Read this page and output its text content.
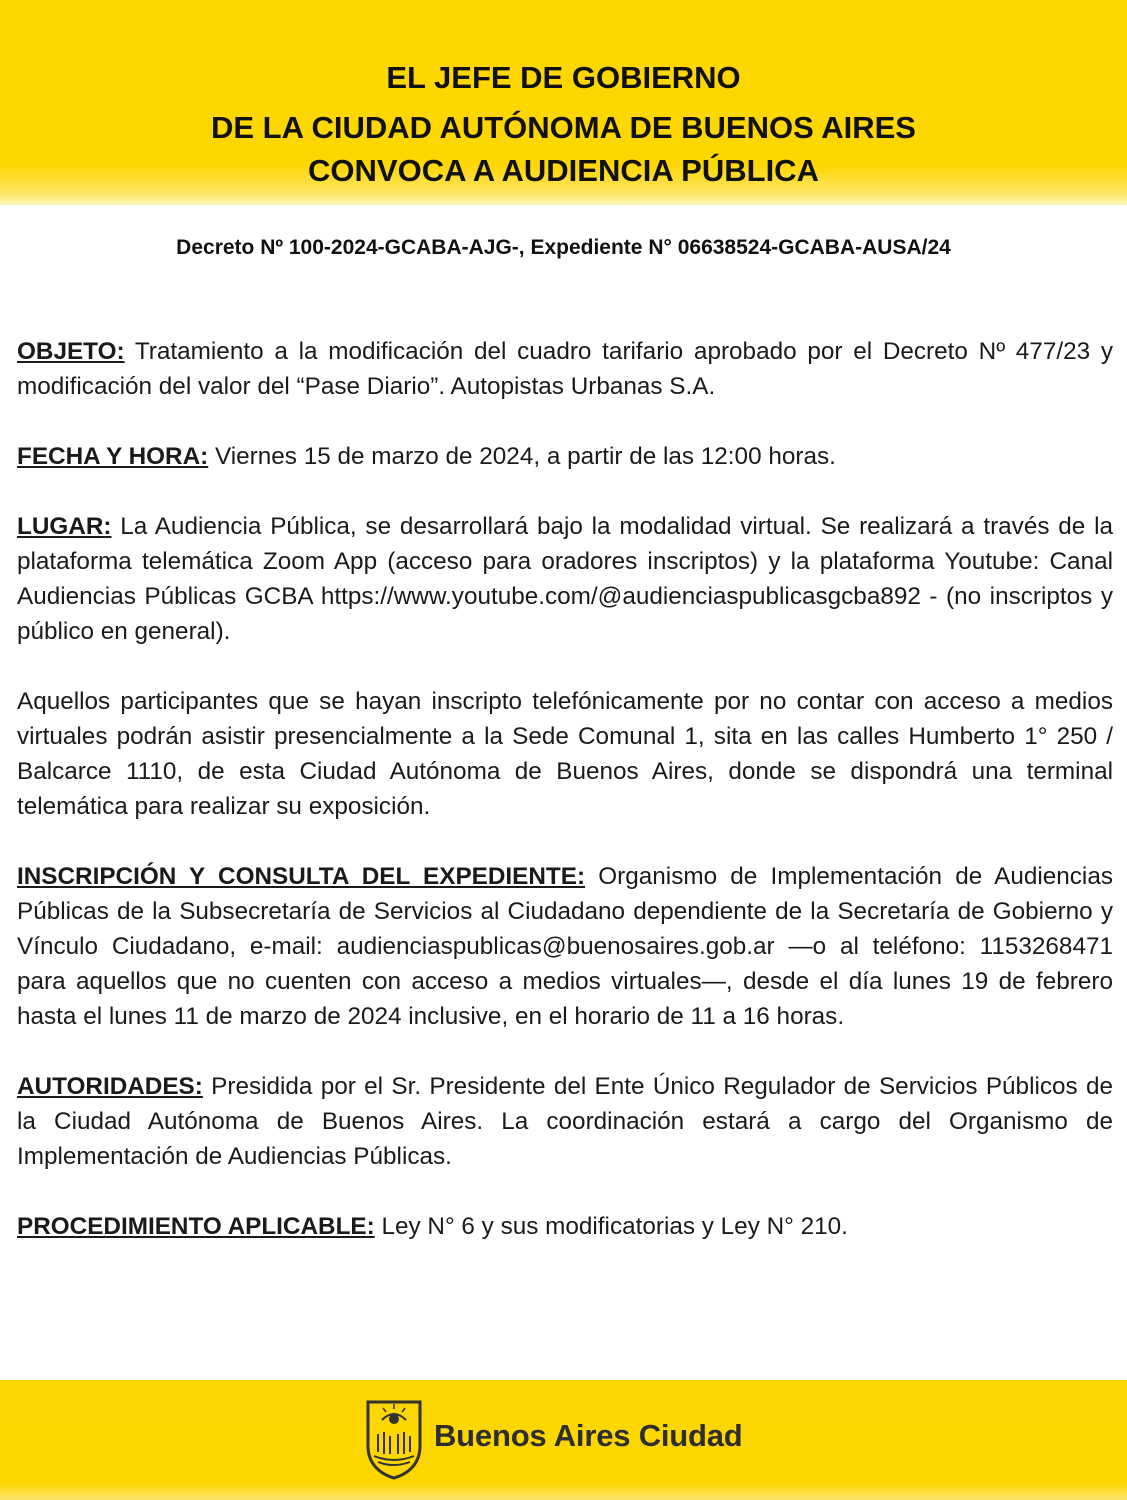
EL JEFE DE GOBIERNO
DE LA CIUDAD AUTÓNOMA DE BUENOS AIRES
CONVOCA A AUDIENCIA PÚBLICA
Decreto Nº 100-2024-GCABA-AJG-, Expediente N° 06638524-GCABA-AUSA/24

OBJETO: Tratamiento a la modificación del cuadro tarifario aprobado por el Decreto Nº 477/23 y modificación del valor del “Pase Diario”. Autopistas Urbanas S.A.

FECHA Y HORA: Viernes 15 de marzo de 2024, a partir de las 12:00 horas.

LUGAR: La Audiencia Pública, se desarrollará bajo la modalidad virtual. Se realizará a través de la plataforma telemática Zoom App (acceso para oradores inscriptos) y la plataforma Youtube: Canal Audiencias Públicas GCBA https://www.youtube.com/@audienciaspublicasgcba892 - (no inscriptos y público en general).

Aquellos participantes que se hayan inscripto telefónicamente por no contar con acceso a medios virtuales podrán asistir presencialmente a la Sede Comunal 1, sita en las calles Humberto 1° 250 / Balcarce 1110, de esta Ciudad Autónoma de Buenos Aires, donde se dispondrá una terminal telemática para realizar su exposición.

INSCRIPCIÓN Y CONSULTA DEL EXPEDIENTE: Organismo de Implementación de Audiencias Públicas de la Subsecretaría de Servicios al Ciudadano dependiente de la Secretaría de Gobierno y Vínculo Ciudadano, e-mail: audienciaspublicas@buenosaires.gob.ar —o al teléfono: 1153268471 para aquellos que no cuenten con acceso a medios virtuales—, desde el día lunes 19 de febrero hasta el lunes 11 de marzo de 2024 inclusive, en el horario de 11 a 16 horas.

AUTORIDADES: Presidida por el Sr. Presidente del Ente Único Regulador de Servicios Públicos de la Ciudad Autónoma de Buenos Aires. La coordinación estará a cargo del Organismo de Implementación de Audiencias Públicas.

PROCEDIMIENTO APLICABLE: Ley N° 6 y sus modificatorias y Ley N° 210.

Buenos Aires Ciudad
